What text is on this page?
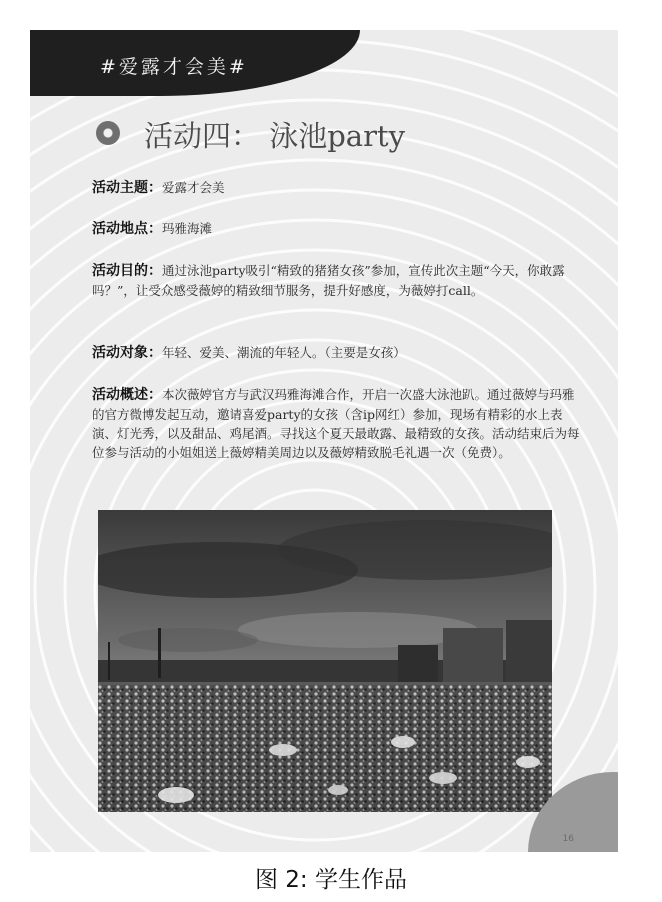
#爱露才会美#
活动四： 泳池party
活动主题：爱露才会美
活动地点：玛雅海滩
活动目的：通过泳池party吸引“精致的猪猪女孩”参加，宣传此次主题“今天，你敢露吗？”，让受众感受薇婷的精致细节服务，提升好感度，为薇婷打call。
活动对象：年轻、爱美、潮流的年轻人。（主要是女孩）
活动概述：本次薇婷官方与武汉玛雅海滩合作，开启一次盛大泳池趴。通过薇婷与玛雅的官方微博发起互动，邀请喜爱party的女孩（含ip网红）参加，现场有精彩的水上表演、灯光秀，以及甜品、鸡尾酒。寻找这个夏天最敢露、最精致的女孩。活动结束后为每位参与活动的小姐姐送上薇婷精美周边以及薇婷精致脱毛礼遇一次（免费）。
16
图 2: 学生作品
